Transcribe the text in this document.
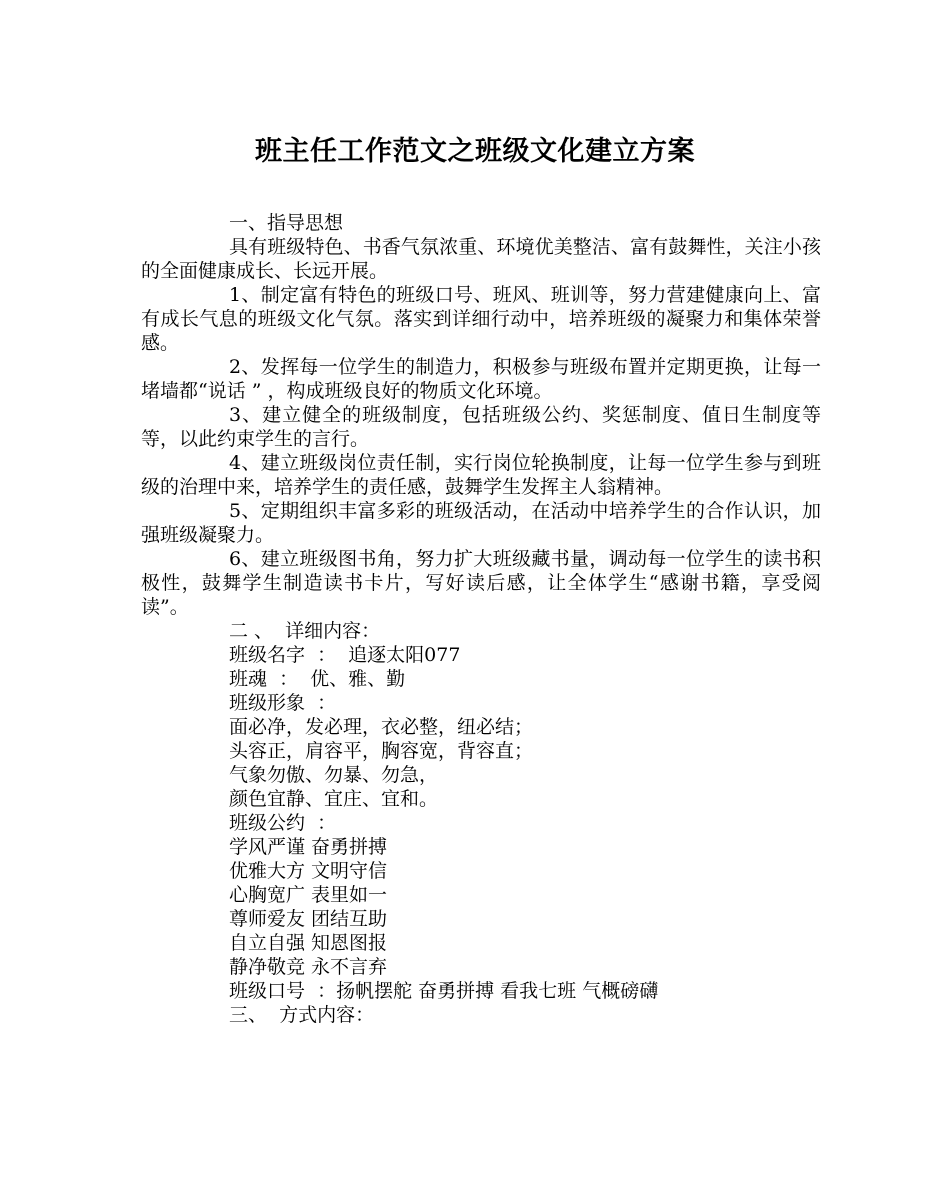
班主任工作范文之班级文化建立方案

一、指导思想

具有班级特色、书香气氛浓重、环境优美整洁、富有鼓舞性，关注小孩的全面健康成长、长远开展。

1、制定富有特色的班级口号、班风、班训等，努力营建健康向上、富有成长气息的班级文化气氛。落实到详细行动中，培养班级的凝聚力和集体荣誉感。

2、发挥每一位学生的制造力，积极参与班级布置并定期更换，让每一堵墙都“说话 ” ，构成班级良好的物质文化环境。

3、建立健全的班级制度，包括班级公约、奖惩制度、值日生制度等等，以此约束学生的言行。

4、建立班级岗位责任制，实行岗位轮换制度，让每一位学生参与到班级的治理中来，培养学生的责任感，鼓舞学生发挥主人翁精神。

5、定期组织丰富多彩的班级活动，在活动中培养学生的合作认识，加强班级凝聚力。

6、建立班级图书角，努力扩大班级藏书量，调动每一位学生的读书积极性，鼓舞学生制造读书卡片，写好读后感，让全体学生“感谢书籍，享受阅读”。

二 、  详细内容：

班级名字  ：  追逐太阳077

班魂  ：  优、雅、勤

班级形象  ：

面必净，发必理，衣必整，纽必结；

头容正，肩容平，胸容宽，背容直；

气象勿傲、勿暴、勿急，

颜色宜静、宜庄、宜和。

班级公约  ：

学风严谨 奋勇拼搏

优雅大方 文明守信

心胸宽广 表里如一

尊师爱友 团结互助

自立自强 知恩图报

静净敬竞 永不言弃

班级口号  ：扬帆摆舵 奋勇拼搏 看我七班 气概磅礴

三、  方式内容：
